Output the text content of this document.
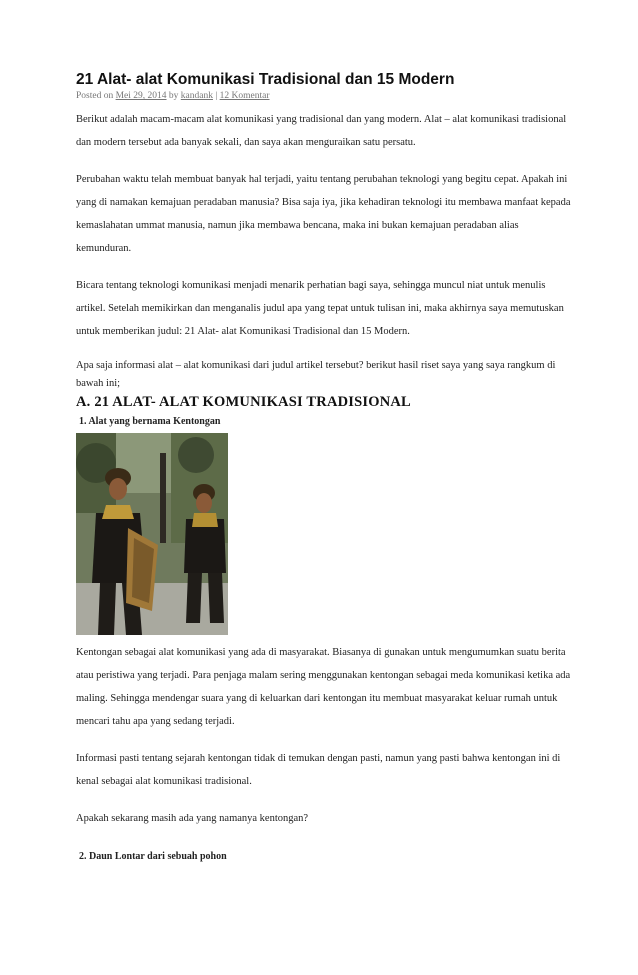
21 Alat- alat Komunikasi Tradisional dan 15 Modern
Posted on Mei 29, 2014 by kandank | 12 Komentar

Berikut adalah macam-macam alat komunikasi yang tradisional dan yang modern. Alat – alat komunikasi tradisional dan modern tersebut ada banyak sekali, dan saya akan menguraikan satu persatu.

Perubahan waktu telah membuat banyak hal terjadi, yaitu tentang perubahan teknologi yang begitu cepat. Apakah ini yang di namakan kemajuan peradaban manusia? Bisa saja iya, jika kehadiran teknologi itu membawa manfaat kepada kemaslahatan ummat manusia, namun jika membawa bencana, maka ini bukan kemajuan peradaban alias kemunduran.

Bicara tentang teknologi komunikasi menjadi menarik perhatian bagi saya, sehingga muncul niat untuk menulis artikel. Setelah memikirkan dan menganalis judul apa yang tepat untuk tulisan ini, maka akhirnya saya memutuskan untuk memberikan judul: 21 Alat- alat Komunikasi Tradisional dan 15 Modern.

Apa saja informasi alat – alat komunikasi dari judul artikel tersebut? berikut hasil riset saya yang saya rangkum di bawah ini;

A. 21 ALAT- ALAT KOMUNIKASI TRADISIONAL
1. Alat yang bernama Kentongan

Kentongan sebagai alat komunikasi yang ada di masyarakat. Biasanya di gunakan untuk mengumumkan suatu berita atau peristiwa yang terjadi. Para penjaga malam sering menggunakan kentongan sebagai meda komunikasi ketika ada maling. Sehingga mendengar suara yang di keluarkan dari kentongan itu membuat masyarakat keluar rumah untuk mencari tahu apa yang sedang terjadi.

Informasi pasti tentang sejarah kentongan tidak di temukan dengan pasti, namun yang pasti bahwa kentongan ini di kenal sebagai alat komunikasi tradisional.

Apakah sekarang masih ada yang namanya kentongan?

2. Daun Lontar dari sebuah pohon
